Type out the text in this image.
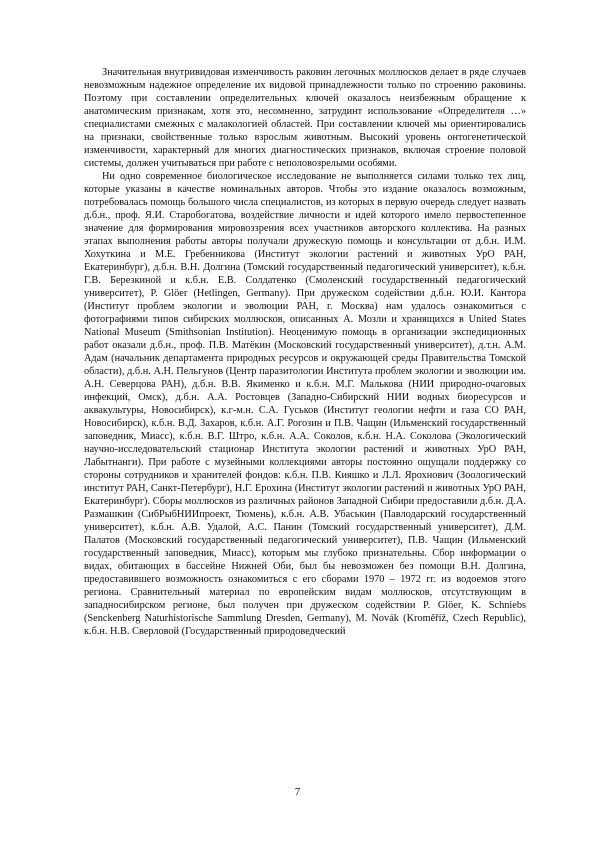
Значительная внутривидовая изменчивость раковин легочных моллюсков делает в ряде случаев невозможным надежное определение их видовой принадлежности только по строению раковины. Поэтому при составлении определительных ключей оказалось неизбежным обращение к анатомическим признакам, хотя это, несомненно, затрудинт использование «Определителя …» специалистами смежных с малакологией областей. При составлении ключей мы ориентировались на признаки, свойственные только взрослым животным. Высокий уровень онтогенетической изменчивости, характерный для многих диагностических признаков, включая строение половой системы, должен учитываться при работе с неполовозрелыми особями.

Ни одно современное биологическое исследование не выполняется силами только тех лиц, которые указаны в качестве номинальных авторов. Чтобы это издание оказалось возможным, потребовалась помощь большого числа специалистов, из которых в первую очередь следует назвать д.б.н., проф. Я.И. Старобогатова, воздействие личности и идей которого имело первостепенное значение для формирования мировоззрения всех участников авторского коллектива. На разных этапах выполнения работы авторы получали дружескую помощь и консультации от д.б.н. И.М. Хохуткина и М.Е. Гребенникова (Институт экологии растений и животных УрО РАН, Екатеринбург), д.б.н. В.Н. Долгина (Томский государственный педагогический университет), к.б.н. Г.В. Березкиной и к.б.н. Е.В. Солдатенко (Смоленский государственный педагогический университет), P. Glöer (Hetlingen, Germany). При дружеском содействии д.б.н. Ю.И. Кантора (Институт проблем экологии и эволюции РАН, г. Москва) нам удалось ознакомиться с фотографиями типов сибирских моллюсков, описанных А. Мозли и хранящихся в United States National Museum (Smithsonian Institution). Неоценимую помощь в организации экспедиционных работ оказали д.б.н., проф. П.В. Матёкин (Московский государственный университет), д.т.н. А.М. Адам (начальник департамента природных ресурсов и окружающей среды Правительства Томской области), д.б.н. А.Н. Пельгунов (Центр паразитологии Института проблем экологии и эволюции им. А.Н. Северцова РАН), д.б.н. В.В. Якименко и к.б.н. М.Г. Малькова (НИИ природно-очаговых инфекций, Омск), д.б.н. А.А. Ростовцев (Западно-Сибирский НИИ водных биоресурсов и аквакультуры, Новосибирск), к.г-м.н. С.А. Гуськов (Институт геологии нефти и газа СО РАН, Новосибирск), к.б.н. В.Д. Захаров, к.б.н. А.Г. Рогозин и П.В. Чащин (Ильменский государственный заповедник, Миасс), к.б.н. В.Г. Штро, к.б.н. А.А. Соколов, к.б.н. Н.А. Соколова (Экологический научно-исследовательский стационар Института экологии растений и животных УрО РАН, Лабытнанги). При работе с музейными коллекциями авторы постоянно ощущали поддержку со стороны сотрудников и хранителей фондов: к.б.н. П.В. Кияшко и Л.Л. Ярохнович (Зоологический институт РАН, Санкт-Петербург), Н.Г. Ерохина (Институт экологии растений и животных УрО РАН, Екатеринбург). Сборы моллюсков из различных районов Западной Сибири предоставили д.б.н. Д.А. Размашкин (СибРыбНИИпроект, Тюмень), к.б.н. А.В. Убаськин (Павлодарский государственный университет), к.б.н. А.В. Удалой, А.С. Панин (Томский государственный университет), Д.М. Палатов (Московский государственный педагогический университет), П.В. Чащин (Ильменский государственный заповедник, Миасс), которым мы глубоко признательны. Сбор информации о видах, обитающих в бассейне Нижней Оби, был бы невозможен без помощи В.Н. Долгина, предоставившего возможность ознакомиться с его сборами 1970 – 1972 гг. из водоемов этого региона. Сравнительный материал по европейским видам моллюсков, отсутствующим в западносибирском регионе, был получен при дружеском содействии P. Glöer, K. Schniebs (Senckenberg Naturhistorische Sammlung Dresden, Germany), M. Novák (Kroměříž, Czech Republic), к.б.н. Н.В. Сверловой (Государственный природоведческий

7
